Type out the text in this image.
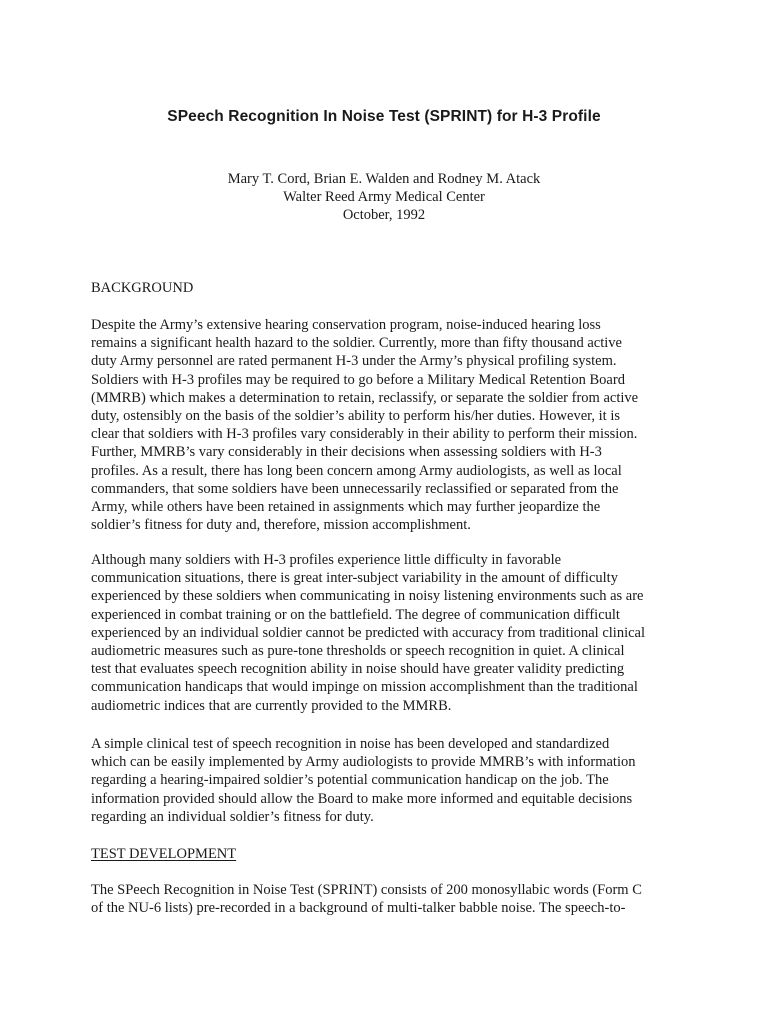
SPeech Recognition In Noise Test (SPRINT) for H-3 Profile
Mary T. Cord, Brian E. Walden and Rodney M. Atack
Walter Reed Army Medical Center
October, 1992
BACKGROUND
Despite the Army’s extensive hearing conservation program, noise-induced hearing loss
remains a significant health hazard to the soldier. Currently, more than fifty thousand active
duty Army personnel are rated permanent H-3 under the Army’s physical profiling system.
Soldiers with H-3 profiles may be required to go before a Military Medical Retention Board
(MMRB) which makes a determination to retain, reclassify, or separate the soldier from active
duty, ostensibly on the basis of the soldier’s ability to perform his/her duties. However, it is
clear that soldiers with H-3 profiles vary considerably in their ability to perform their mission.
Further, MMRB’s vary considerably in their decisions when assessing soldiers with H-3
profiles. As a result, there has long been concern among Army audiologists, as well as local
commanders, that some soldiers have been unnecessarily reclassified or separated from the
Army, while others have been retained in assignments which may further jeopardize the
soldier’s fitness for duty and, therefore, mission accomplishment.
Although many soldiers with H-3 profiles experience little difficulty in favorable
communication situations, there is great inter-subject variability in the amount of difficulty
experienced by these soldiers when communicating in noisy listening environments such as are
experienced in combat training or on the battlefield. The degree of communication difficult
experienced by an individual soldier cannot be predicted with accuracy from traditional clinical
audiometric measures such as pure-tone thresholds or speech recognition in quiet. A clinical
test that evaluates speech recognition ability in noise should have greater validity predicting
communication handicaps that would impinge on mission accomplishment than the traditional
audiometric indices that are currently provided to the MMRB.
A simple clinical test of speech recognition in noise has been developed and standardized
which can be easily implemented by Army audiologists to provide MMRB’s with information
regarding a hearing-impaired soldier’s potential communication handicap on the job. The
information provided should allow the Board to make more informed and equitable decisions
regarding an individual soldier’s fitness for duty.
TEST DEVELOPMENT
The SPeech Recognition in Noise Test (SPRINT) consists of 200 monosyllabic words (Form C
of the NU-6 lists) pre-recorded in a background of multi-talker babble noise. The speech-to-
